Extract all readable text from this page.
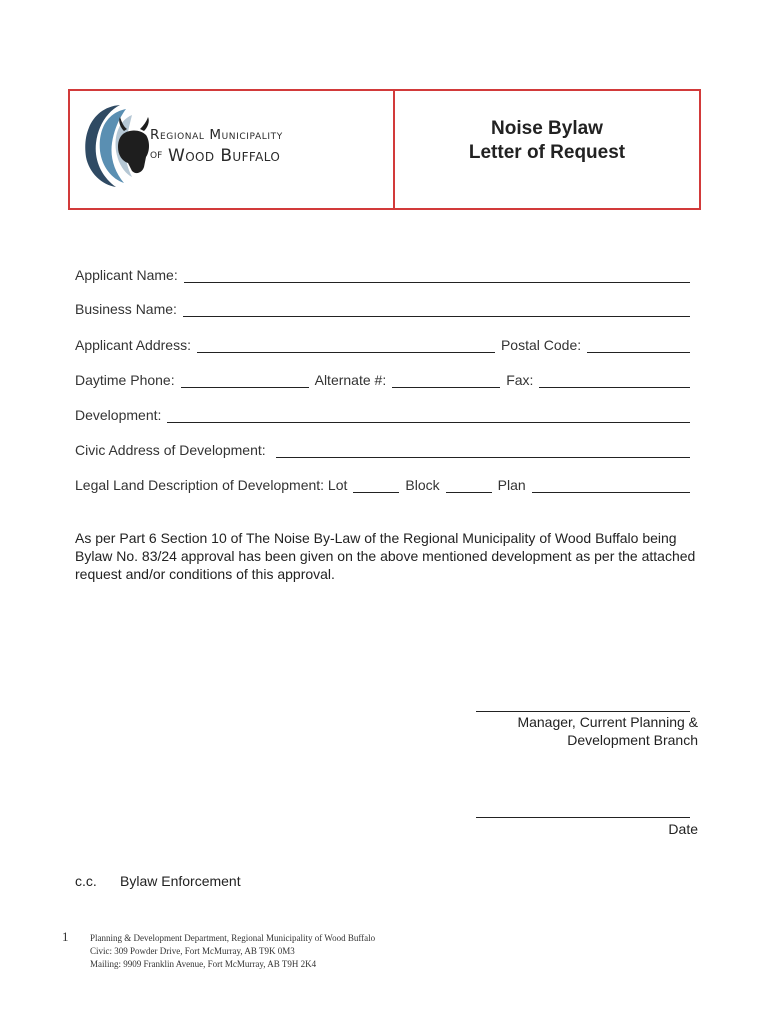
Regional Municipality
OF Wood Buffalo
Noise Bylaw
Letter of Request
Applicant Name:
Business Name:
Applicant Address:	Postal Code:
Daytime Phone:	Alternate #:	Fax:
Development:
Civic Address of Development:
Legal Land Description of Development: Lot	Block	Plan
As per Part 6 Section 10 of The Noise By-Law of the Regional Municipality of Wood Buffalo being Bylaw No. 83/24 approval has been given on the above mentioned development as per the attached request and/or conditions of this approval.
Manager, Current Planning &
Development Branch
Date
c.c.	Bylaw Enforcement
1 Planning & Development Department, Regional Municipality of Wood Buffalo
Civic: 309 Powder Drive, Fort McMurray, AB T9K 0M3
Mailing: 9909 Franklin Avenue, Fort McMurray, AB T9H 2K4
